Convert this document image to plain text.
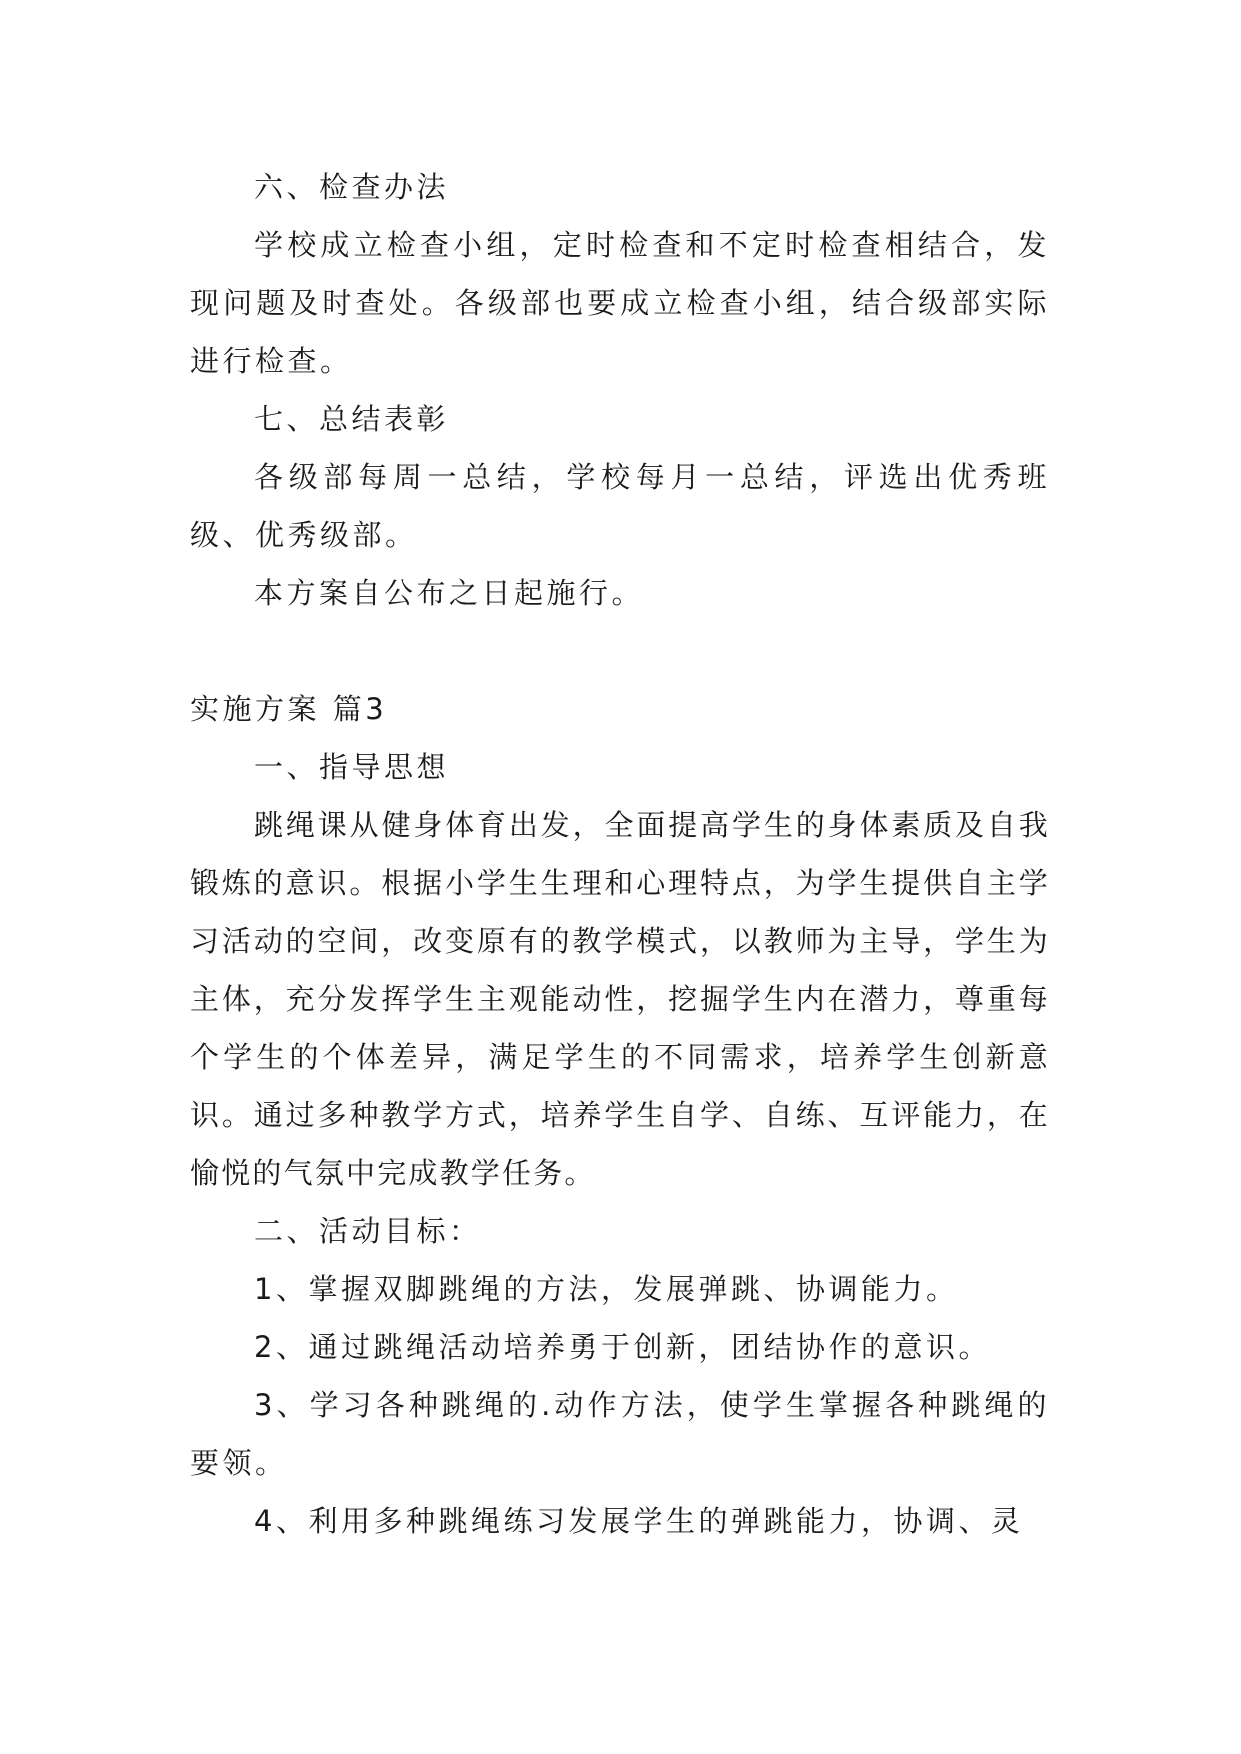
六、检查办法

学校成立检查小组，定时检查和不定时检查相结合，发现问题及时查处。各级部也要成立检查小组，结合级部实际进行检查。

七、总结表彰

各级部每周一总结，学校每月一总结，评选出优秀班级、优秀级部。

本方案自公布之日起施行。

实施方案 篇3

一、指导思想

跳绳课从健身体育出发，全面提高学生的身体素质及自我锻炼的意识。根据小学生生理和心理特点，为学生提供自主学习活动的空间，改变原有的教学模式，以教师为主导，学生为主体，充分发挥学生主观能动性，挖掘学生内在潜力，尊重每个学生的个体差异，满足学生的不同需求，培养学生创新意识。通过多种教学方式，培养学生自学、自练、互评能力，在愉悦的气氛中完成教学任务。

二、活动目标：

1、掌握双脚跳绳的方法，发展弹跳、协调能力。

2、通过跳绳活动培养勇于创新，团结协作的意识。

3、学习各种跳绳的.动作方法，使学生掌握各种跳绳的要领。

4、利用多种跳绳练习发展学生的弹跳能力，协调、灵
